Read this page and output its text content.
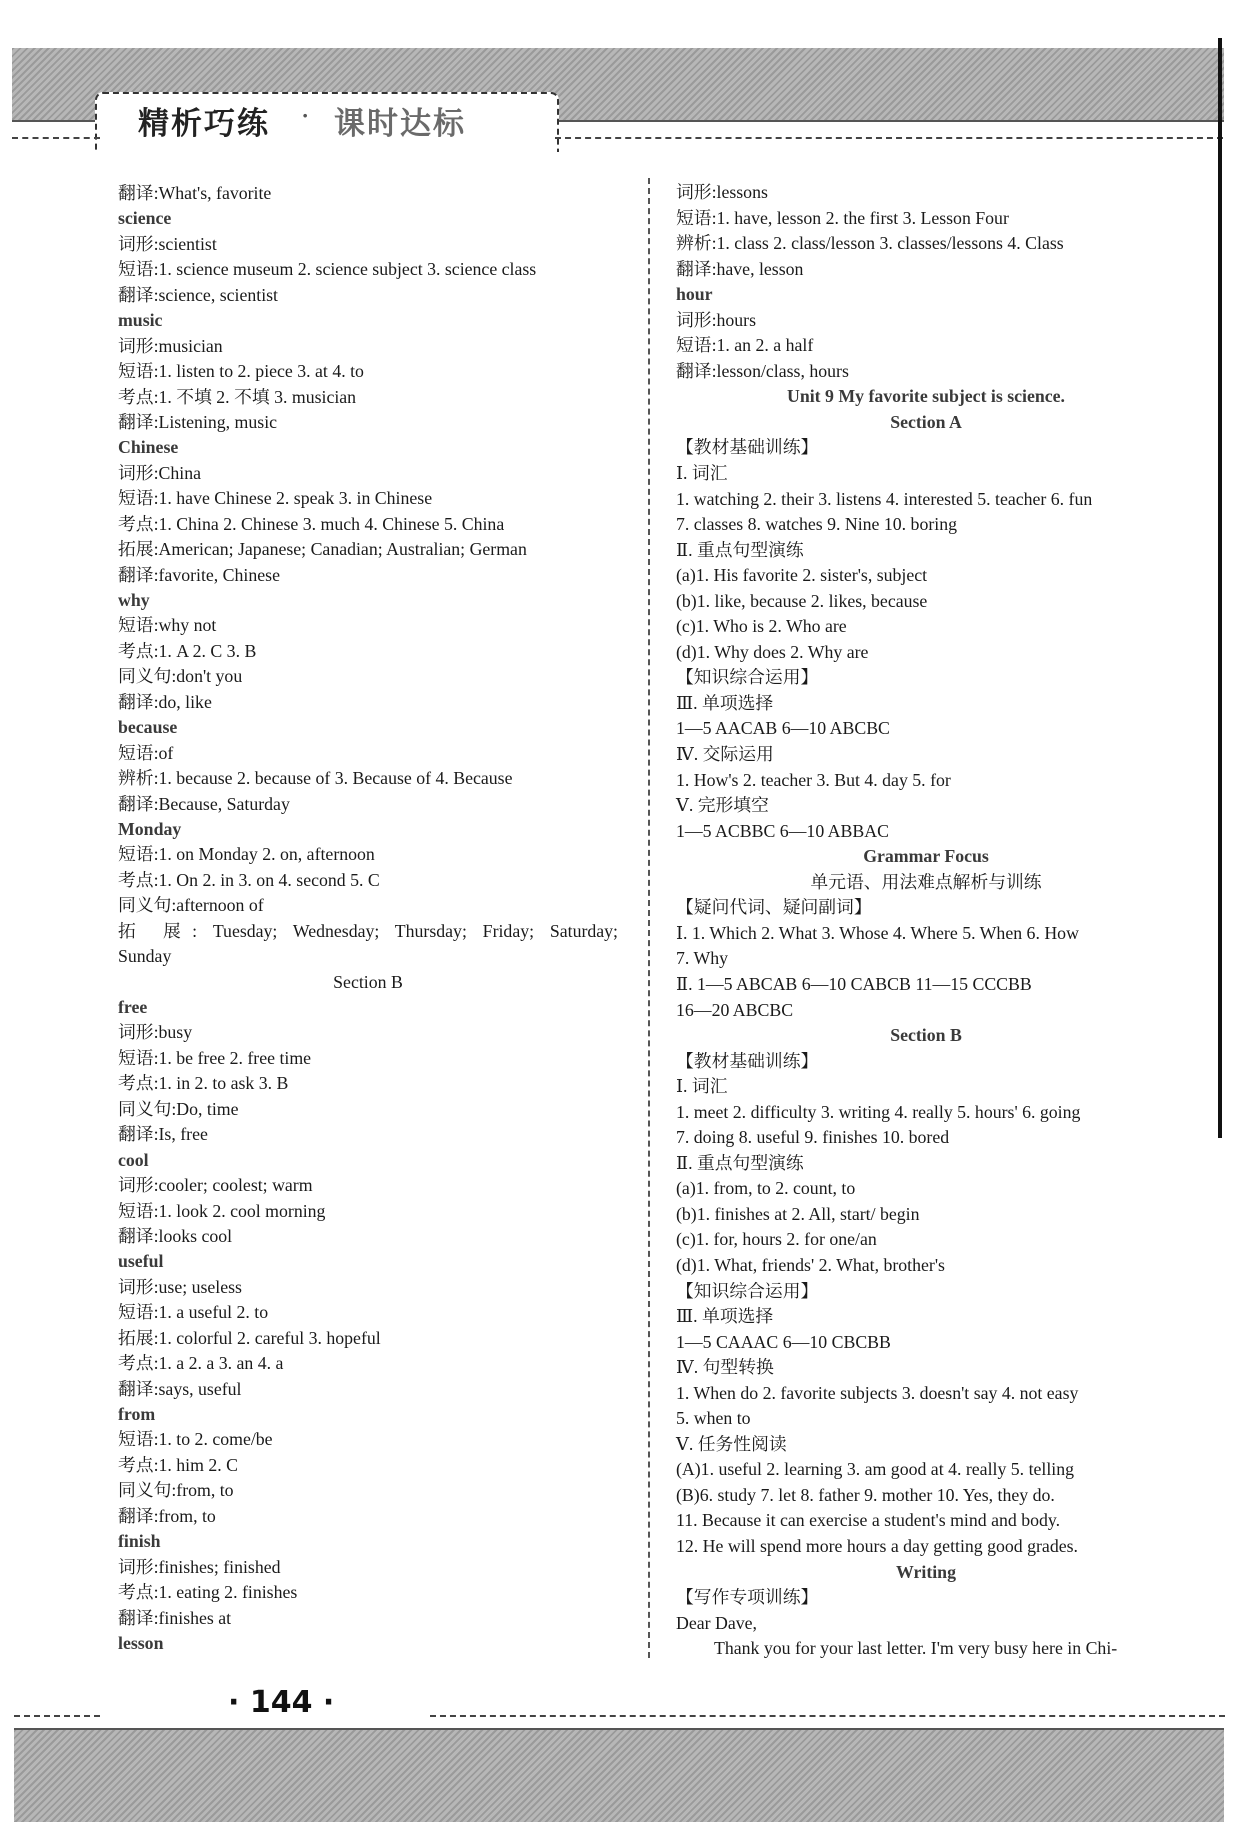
精析巧练 · 课时达标
翻译:What's, favorite
science
词形:scientist
短语:1. science museum 2. science subject 3. science class
翻译:science, scientist
music
词形:musician
短语:1. listen to 2. piece 3. at 4. to
考点:1. 不填 2. 不填 3. musician
翻译:Listening, music
Chinese
词形:China
短语:1. have Chinese 2. speak 3. in Chinese
考点:1. China 2. Chinese 3. much 4. Chinese 5. China
拓展:American; Japanese; Canadian; Australian; German
翻译:favorite, Chinese
why
短语:why not
考点:1. A 2. C 3. B
同义句:don't you
翻译:do, like
because
短语:of
辨析:1. because 2. because of 3. Because of 4. Because
翻译:Because, Saturday
Monday
短语:1. on Monday 2. on, afternoon
考点:1. On 2. in 3. on 4. second 5. C
同义句:afternoon of
拓 展: Tuesday; Wednesday; Thursday; Friday; Saturday;
Sunday
Section B
free
词形:busy
短语:1. be free 2. free time
考点:1. in 2. to ask 3. B
同义句:Do, time
翻译:Is, free
cool
词形:cooler; coolest; warm
短语:1. look 2. cool morning
翻译:looks cool
useful
词形:use; useless
短语:1. a useful 2. to
拓展:1. colorful 2. careful 3. hopeful
考点:1. a 2. a 3. an 4. a
翻译:says, useful
from
短语:1. to 2. come/be
考点:1. him 2. C
同义句:from, to
翻译:from, to
finish
词形:finishes; finished
考点:1. eating 2. finishes
翻译:finishes at
lesson
词形:lessons
短语:1. have, lesson 2. the first 3. Lesson Four
辨析:1. class 2. class/lesson 3. classes/lessons 4. Class
翻译:have, lesson
hour
词形:hours
短语:1. an 2. a half
翻译:lesson/class, hours
Unit 9 My favorite subject is science.
Section A
【教材基础训练】
Ⅰ. 词汇
1. watching 2. their 3. listens 4. interested 5. teacher 6. fun
7. classes 8. watches 9. Nine 10. boring
Ⅱ. 重点句型演练
(a)1. His favorite 2. sister's, subject
(b)1. like, because 2. likes, because
(c)1. Who is 2. Who are
(d)1. Why does 2. Why are
【知识综合运用】
Ⅲ. 单项选择
1—5 AACAB 6—10 ABCBC
Ⅳ. 交际运用
1. How's 2. teacher 3. But 4. day 5. for
Ⅴ. 完形填空
1—5 ACBBC 6—10 ABBAC
Grammar Focus
单元语、用法难点解析与训练
【疑问代词、疑问副词】
Ⅰ. 1. Which 2. What 3. Whose 4. Where 5. When 6. How
7. Why
Ⅱ. 1—5 ABCAB 6—10 CABCB 11—15 CCCBB
16—20 ABCBC
Section B
【教材基础训练】
Ⅰ. 词汇
1. meet 2. difficulty 3. writing 4. really 5. hours' 6. going
7. doing 8. useful 9. finishes 10. bored
Ⅱ. 重点句型演练
(a)1. from, to 2. count, to
(b)1. finishes at 2. All, start/ begin
(c)1. for, hours 2. for one/an
(d)1. What, friends' 2. What, brother's
【知识综合运用】
Ⅲ. 单项选择
1—5 CAAAC 6—10 CBCBB
Ⅳ. 句型转换
1. When do 2. favorite subjects 3. doesn't say 4. not easy
5. when to
Ⅴ. 任务性阅读
(A)1. useful 2. learning 3. am good at 4. really 5. telling
(B)6. study 7. let 8. father 9. mother 10. Yes, they do.
11. Because it can exercise a student's mind and body.
12. He will spend more hours a day getting good grades.
Writing
【写作专项训练】
Dear Dave,
Thank you for your last letter. I'm very busy here in Chi-
· 144 ·
